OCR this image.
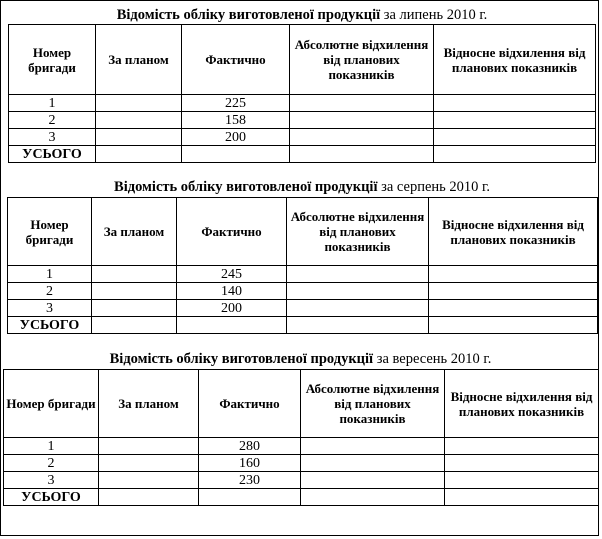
Відомість обліку виготовленої продукції за липень 2010 г.
Номер бригади	За планом	Фактично	Абсолютне відхилення від планових показників	Відносне відхилення від планових показників
1		225		
2		158		
3		200		
УСЬОГО				
Відомість обліку виготовленої продукції за серпень 2010 г.
Номер бригади	За планом	Фактично	Абсолютне відхилення від планових показників	Відносне відхилення від планових показників
1		245		
2		140		
3		200		
УСЬОГО				
Відомість обліку виготовленої продукції за вересень 2010 г.
Номер бригади	За планом	Фактично	Абсолютне відхилення від планових показників	Відносне відхилення від планових показників
1		280		
2		160		
3		230		
УСЬОГО				
